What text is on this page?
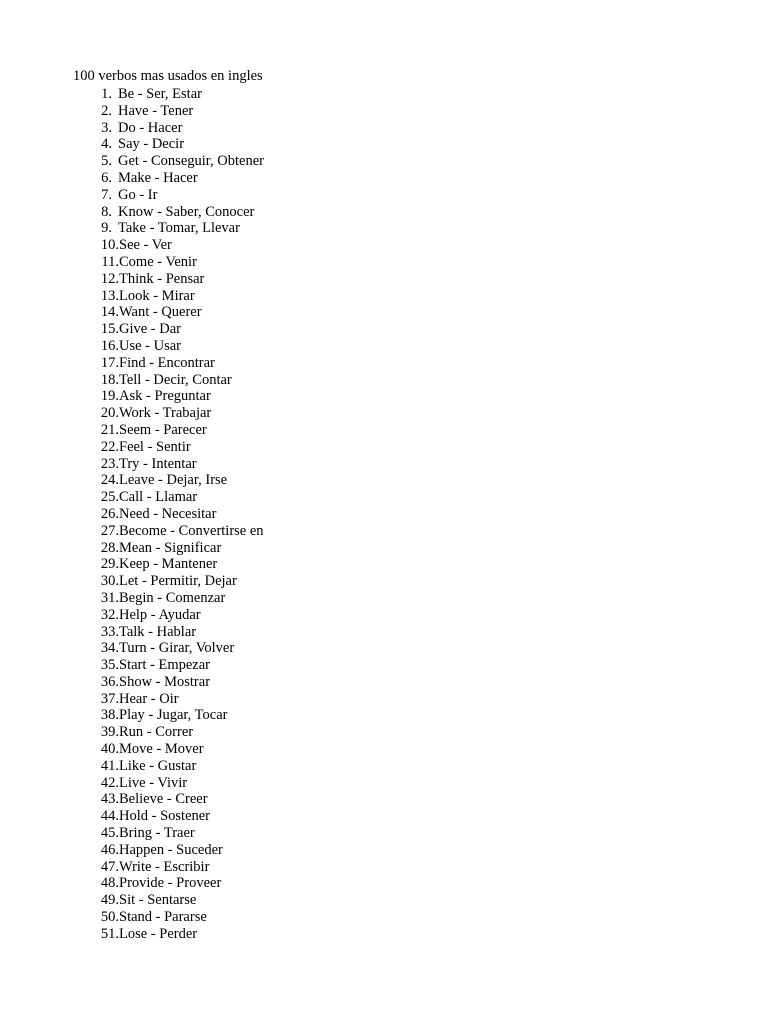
100 verbos mas usados en ingles
1. Be - Ser, Estar
2. Have - Tener
3. Do - Hacer
4. Say - Decir
5. Get - Conseguir, Obtener
6. Make - Hacer
7. Go - Ir
8. Know - Saber, Conocer
9. Take - Tomar, Llevar
10. See - Ver
11. Come - Venir
12. Think - Pensar
13. Look - Mirar
14. Want - Querer
15. Give - Dar
16. Use - Usar
17. Find - Encontrar
18. Tell - Decir, Contar
19. Ask - Preguntar
20. Work - Trabajar
21. Seem - Parecer
22. Feel - Sentir
23. Try - Intentar
24. Leave - Dejar, Irse
25. Call - Llamar
26. Need - Necesitar
27. Become - Convertirse en
28. Mean - Significar
29. Keep - Mantener
30. Let - Permitir, Dejar
31. Begin - Comenzar
32. Help - Ayudar
33. Talk - Hablar
34. Turn - Girar, Volver
35. Start - Empezar
36. Show - Mostrar
37. Hear - Oir
38. Play - Jugar, Tocar
39. Run - Correr
40. Move - Mover
41. Like - Gustar
42. Live - Vivir
43. Believe - Creer
44. Hold - Sostener
45. Bring - Traer
46. Happen - Suceder
47. Write - Escribir
48. Provide - Proveer
49. Sit - Sentarse
50. Stand - Pararse
51. Lose - Perder
